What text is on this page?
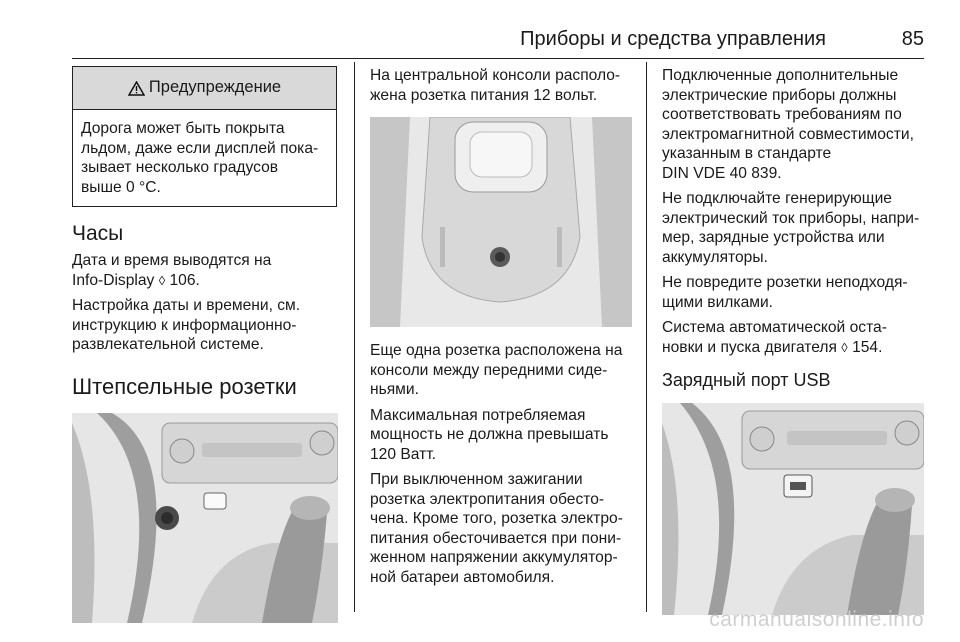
Приборы и средства управления	85
Предупреждение
Дорога может быть покрыта
льдом, даже если дисплей пока-
зывает несколько градусов
выше 0 °C.
Часы

Дата и время выводятся на
Info-Display ◊ 106.

Настройка даты и времени, см.
инструкцию к информационно-
развлекательной системе.

Штепсельные розетки

На центральной консоли располо-
жена розетка питания 12 вольт.

Еще одна розетка расположена на
консоли между передними сиде-
ньями.

Максимальная потребляемая
мощность не должна превышать
120 Ватт.

При выключенном зажигании
розетка электропитания обесто-
чена. Кроме того, розетка электро-
питания обесточивается при пони-
женном напряжении аккумулятор-
ной батареи автомобиля.

Подключенные дополнительные
электрические приборы должны
соответствовать требованиям по
электромагнитной совместимости,
указанным в стандарте
DIN VDE 40 839.

Не подключайте генерирующие
электрический ток приборы, напри-
мер, зарядные устройства или
аккумуляторы.

Не повредите розетки неподходя-
щими вилками.

Система автоматической оста-
новки и пуска двигателя ◊ 154.

Зарядный порт USB
carmanualsonline.info
